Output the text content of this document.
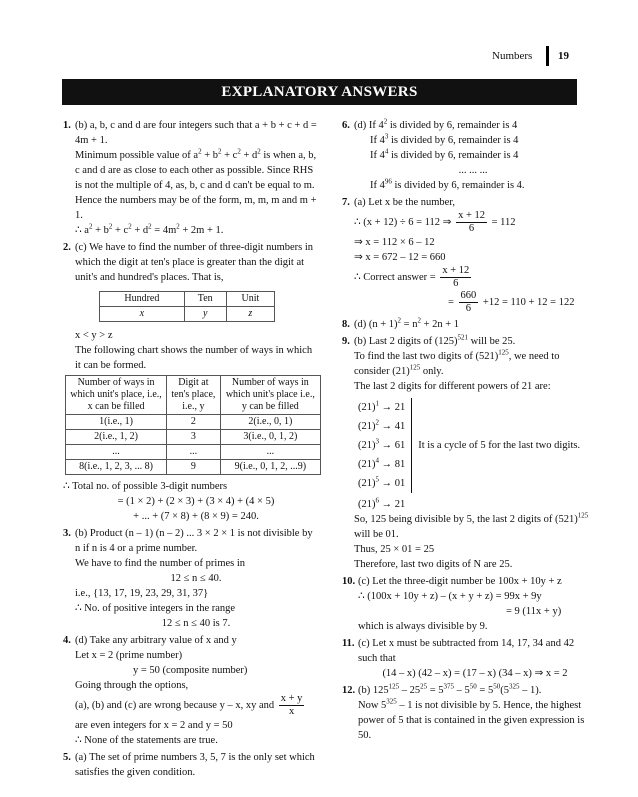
Numbers 19
EXPLANATORY ANSWERS
1. (b) a, b, c and d are four integers such that a + b + c + d = 4m + 1.
Minimum possible value of $a^2 + b^2 + c^2 + d^2$ is when a, b, c and d are as close to each other as possible. Since RHS is not the multiple of 4, as, b, c and d can't be equal to m.
Hence the numbers may be of the form, m, m, m and m + 1.
∴ $a^2 + b^2 + c^2 + d^2 = 4m^2 + 2m + 1$.
2. (c) We have to find the number of three-digit numbers in which the digit at ten's place is greater than the digit at unit's and hundred's places. That is,
Hundred	Ten	Unit
x	y	z
x < y > z
The following chart shows the number of ways in which it can be formed.
Number of ways in which unit's place, i.e., x can be filled	Digit at ten's place, i.e., y	Number of ways in which unit's place i.e., y can be filled
1(i.e., 1)	2	2(i.e., 0, 1)
2(i.e., 1, 2)	3	3(i.e., 0, 1, 2)
...	...	...
8(i.e., 1, 2, 3, ... 8)	9	9(i.e., 0, 1, 2, ...9)
∴ Total no. of possible 3-digit numbers
= (1 × 2) + (2 × 3) + (3 × 4) + (4 × 5)
+ ... + (7 × 8) + (8 × 9) = 240.
3. (b) Product (n – 1) (n – 2) ... 3 × 2 × 1 is not divisible by n if n is 4 or a prime number.
We have to find the number of primes in
12 ≤ n ≤ 40.
i.e., {13, 17, 19, 23, 29, 31, 37}
∴ No. of positive integers in the range
12 ≤ n ≤ 40 is 7.
4. (d) Take any arbitrary value of x and y
Let x = 2 (prime number)
y = 50 (composite number)
Going through the options,
(a), (b) and (c) are wrong because y – x, xy and $\frac{x + y}{x}$
are even integers for x = 2 and y = 50
∴ None of the statements are true.
5. (a) The set of prime numbers 3, 5, 7 is the only set which satisfies the given condition.
6. (d) If $4^2$ is divided by 6, remainder is 4
If $4^3$ is divided by 6, remainder is 4
If $4^4$ is divided by 6, remainder is 4
... ... ...
If $4^{96}$ is divided by 6, remainder is 4.
7. (a) Let x be the number,
∴ (x + 12) ÷ 6 = 112 ⇒ $\frac{x + 12}{6} = 112$
⇒ x = 112 × 6 – 12
⇒ x = 672 – 12 = 660
∴ Correct answer = $\frac{x + 12}{6}$
= $\frac{660}{6} +12 = 110 + 12 = 122$
8. (d) $(n + 1)^2 = n^2 + 2n + 1$
9. (b) Last 2 digits of $(125)^{521}$ will be 25.
To find the last two digits of $(521)^{125}$, we need to consider $(21)^{125}$ only.
The last 2 digits for different powers of 21 are:
$(21)^1 \to 21$
$(21)^2 \to 41$
$(21)^3 \to 61$
$(21)^4 \to 81$
$(21)^5 \to 01$
It is a cycle of 5 for the last two digits.
$(21)^6 \to 21$
So, 125 being divisible by 5, the last 2 digits of $(521)^{125}$ will be 01.
Thus, 25 × 01 = 25
Therefore, last two digits of N are 25.
10. (c) Let the three-digit number be 100x + 10y + z
∴ (100x + 10y + z) – (x + y + z) = 99x + 9y
= 9 (11x + y)
which is always divisible by 9.
11. (c) Let x must be subtracted from 14, 17, 34 and 42 such that
(14 – x) (42 – x) = (17 – x) (34 – x) ⇒ x = 2
12. (b) $125^{125} - 25^{25} = 5^{375} - 5^{50} = 5^{50}(5^{325} - 1)$.
Now $5^{325} - 1$ is not divisible by 5. Hence, the highest power of 5 that is contained in the given expression is 50.
